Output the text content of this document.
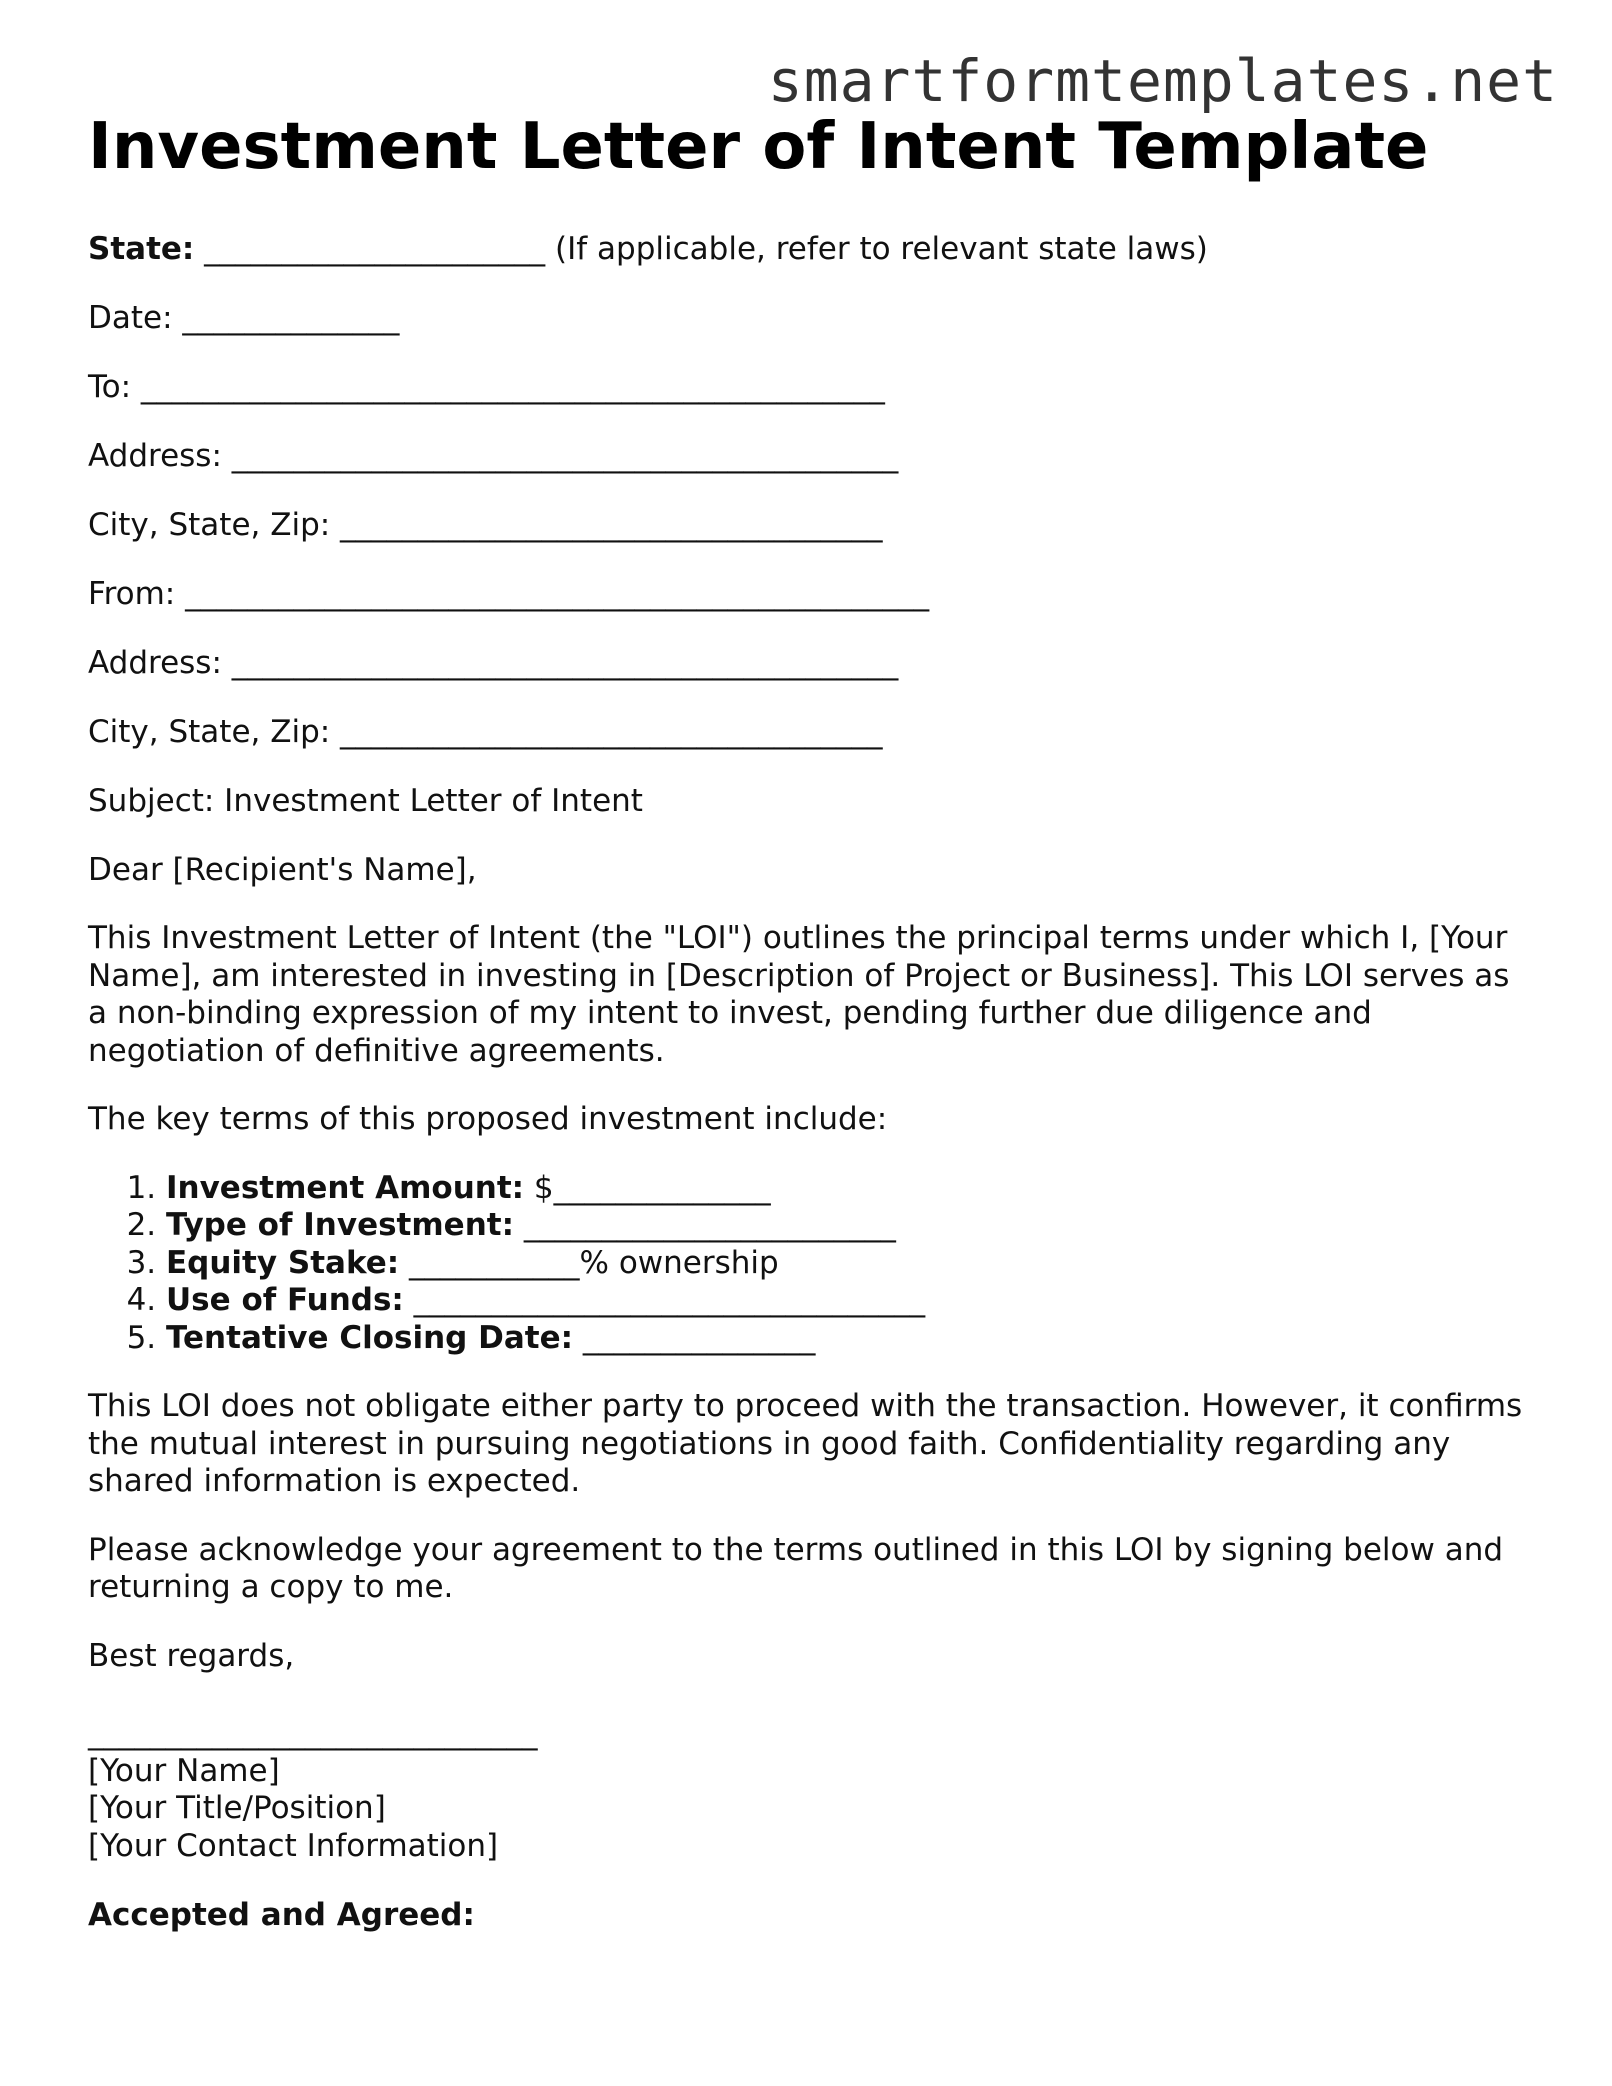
smartformtemplates.net
Investment Letter of Intent Template
State: ______________________ (If applicable, refer to relevant state laws)
Date: ______________
To: ________________________________________________
Address: ___________________________________________
City, State, Zip: ___________________________________
From: ________________________________________________
Address: ___________________________________________
City, State, Zip: ___________________________________
Subject: Investment Letter of Intent
Dear [Recipient's Name],
This Investment Letter of Intent (the "LOI") outlines the principal terms under which I, [Your Name], am interested in investing in [Description of Project or Business]. This LOI serves as a non-binding expression of my intent to invest, pending further due diligence and negotiation of definitive agreements.
The key terms of this proposed investment include:
1. Investment Amount: $______________
2. Type of Investment: ________________________
3. Equity Stake: ___________% ownership
4. Use of Funds: _________________________________
5. Tentative Closing Date: _______________
This LOI does not obligate either party to proceed with the transaction. However, it confirms the mutual interest in pursuing negotiations in good faith. Confidentiality regarding any shared information is expected.
Please acknowledge your agreement to the terms outlined in this LOI by signing below and returning a copy to me.
Best regards,
_____________________________
[Your Name]
[Your Title/Position]
[Your Contact Information]
Accepted and Agreed:
